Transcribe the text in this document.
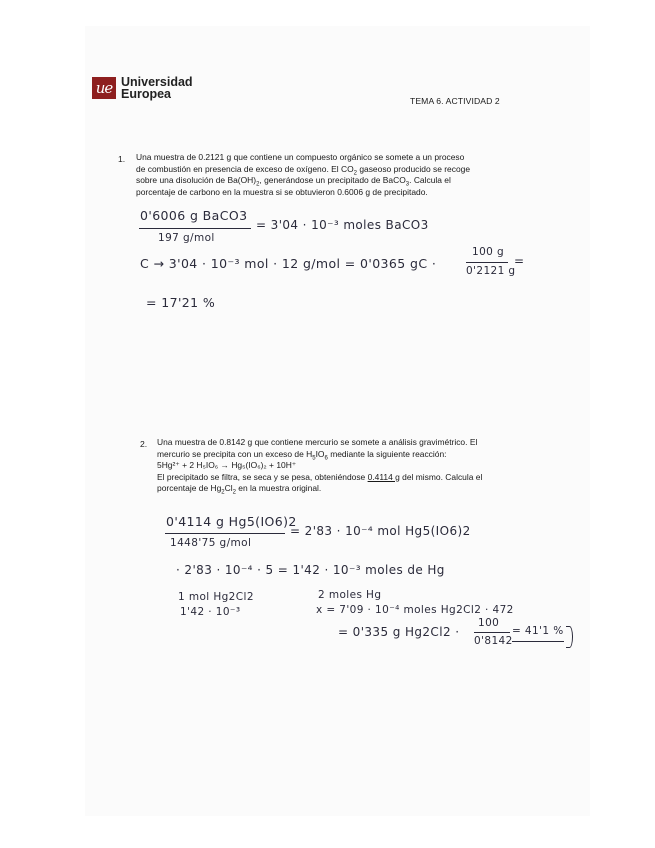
ue Universidad
Europea	TEMA 6. ACTIVIDAD 2
1. Una muestra de 0.2121 g que contiene un compuesto orgánico se somete a un proceso
de combustión en presencia de exceso de oxígeno. El $CO_2$ gaseoso producido se recoge
sobre una disolución de $Ba(OH)_2$, generándose un precipitado de BaCO$_3$. Calcula el
porcentaje de carbono en la muestra si se obtuvieron 0.6006 g de precipitado.
0'6006 g BaCO3
197 g/mol
= 3'04 · 10⁻³ moles BaCO3
C → 3'04 · 10⁻³ mol · 12 g/mol = 0'0365 gC ·
100 g
0'2121 g
=
= 17'21 %
2. Una muestra de 0.8142 g que contiene mercurio se somete a análisis gravimétrico. El
mercurio se precipita con un exceso de $H_5IO_6$ mediante la siguiente reacción:
5Hg²⁺ + 2 H₅IO₆ → Hg₅(IO₆)₂ + 10H⁺
El precipitado se filtra, se seca y se pesa, obteniéndose 0.4114 g del mismo. Calcula el
porcentaje de $Hg_2Cl_2$ en la muestra original.
0'4114 g Hg5(IO6)2
1448'75 g/mol
= 2'83 · 10⁻⁴ mol Hg5(IO6)2
· 2'83 · 10⁻⁴ · 5 = 1'42 · 10⁻³ moles de Hg
1 mol Hg2Cl2	2 moles Hg
1'42 · 10⁻³	x = 7'09 · 10⁻⁴ moles Hg2Cl2 · 472
= 0'335 g Hg2Cl2 ·
100
0'8142
= 41'1 %
